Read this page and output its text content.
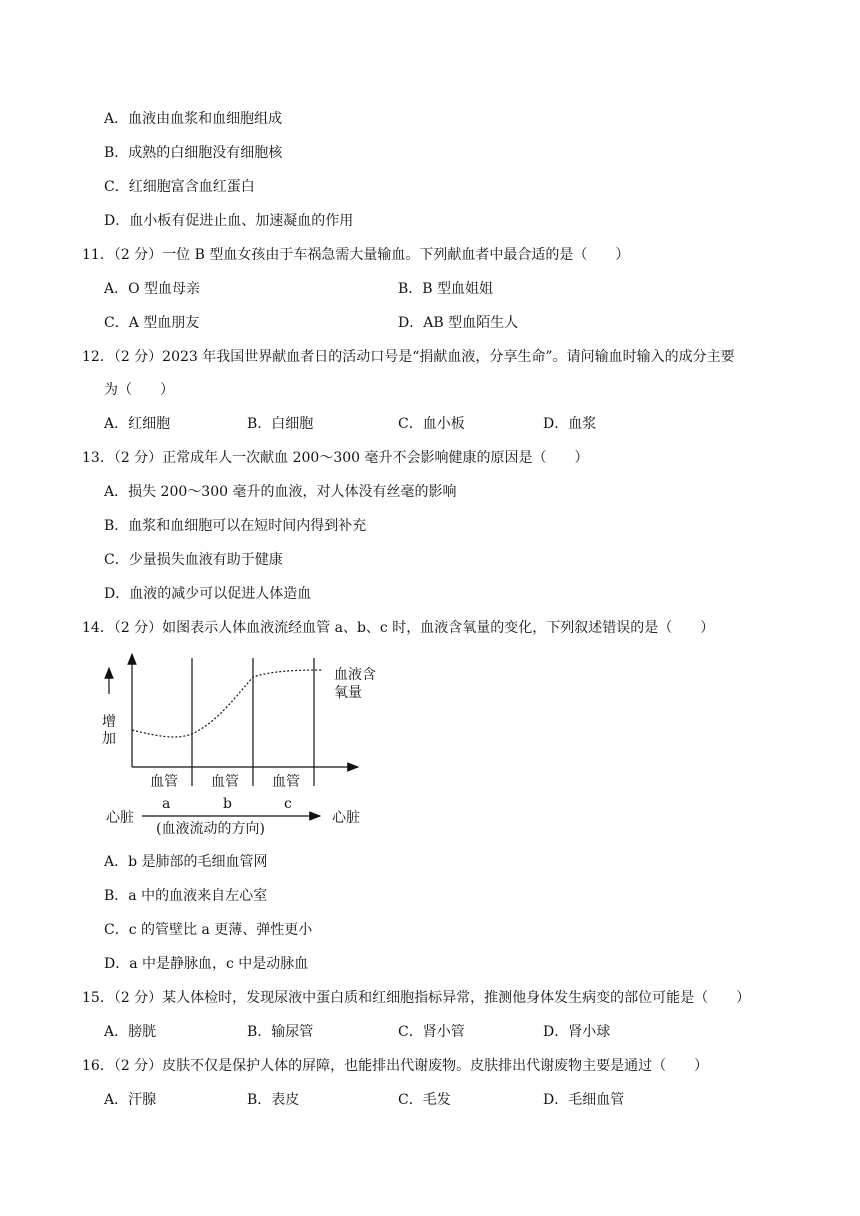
A．血液由血浆和血细胞组成
B．成熟的白细胞没有细胞核
C．红细胞富含血红蛋白
D．血小板有促进止血、加速凝血的作用
11．（2 分）一位 B 型血女孩由于车祸急需大量输血。下列献血者中最合适的是（　　）
A．O 型血母亲	B．B 型血姐姐
C．A 型血朋友	D．AB 型血陌生人
12．（2 分）2023 年我国世界献血者日的活动口号是“捐献血液，分享生命”。请问输血时输入的成分主要
为（　　）
A．红细胞	B．白细胞	C．血小板	D．血浆
13．（2 分）正常成年人一次献血 200～300 毫升不会影响健康的原因是（　　）
A．损失 200～300 毫升的血液，对人体没有丝毫的影响
B．血浆和血细胞可以在短时间内得到补充
C．少量损失血液有助于健康
D．血液的减少可以促进人体造血
14．（2 分）如图表示人体血液流经血管 a、b、c 时，血液含氧量的变化，下列叙述错误的是（　　）
增
加
血液含
氧量
血管 血管 血管
a	b	c
心脏	心脏
(血液流动的方向)
A．b 是肺部的毛细血管网
B．a 中的血液来自左心室
C．c 的管壁比 a 更薄、弹性更小
D．a 中是静脉血，c 中是动脉血
15．（2 分）某人体检时，发现尿液中蛋白质和红细胞指标异常，推测他身体发生病变的部位可能是（　　）
A．膀胱	B．输尿管	C．肾小管	D．肾小球
16．（2 分）皮肤不仅是保护人体的屏障，也能排出代谢废物。皮肤排出代谢废物主要是通过（　　）
A．汗腺	B．表皮	C．毛发	D．毛细血管
